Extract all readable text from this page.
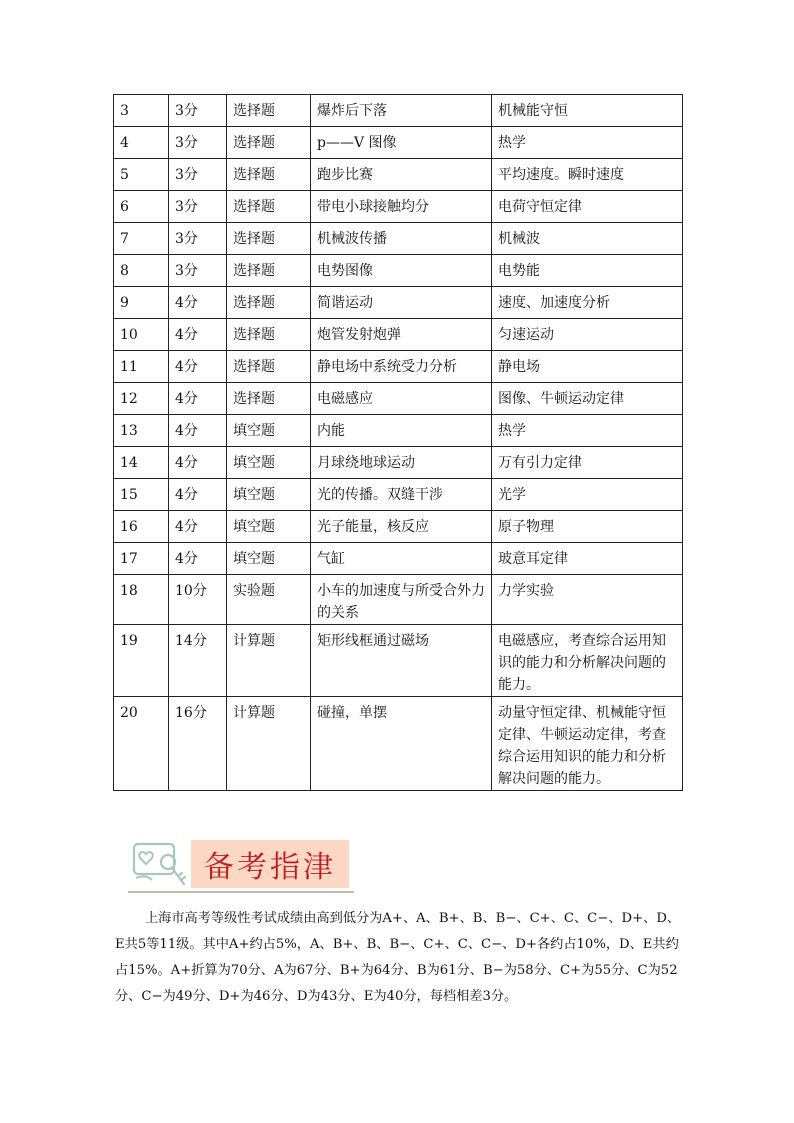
3	3分	选择题	爆炸后下落	机械能守恒
4	3分	选择题	p——V 图像	热学
5	3分	选择题	跑步比赛	平均速度。瞬时速度
6	3分	选择题	带电小球接触均分	电荷守恒定律
7	3分	选择题	机械波传播	机械波
8	3分	选择题	电势图像	电势能
9	4分	选择题	简谐运动	速度、加速度分析
10	4分	选择题	炮管发射炮弹	匀速运动
11	4分	选择题	静电场中系统受力分析	静电场
12	4分	选择题	电磁感应	图像、牛顿运动定律
13	4分	填空题	内能	热学
14	4分	填空题	月球绕地球运动	万有引力定律
15	4分	填空题	光的传播。双缝干涉	光学
16	4分	填空题	光子能量，核反应	原子物理
17	4分	填空题	气缸	玻意耳定律
18	10分	实验题	小车的加速度与所受合外力的关系	力学实验
19	14分	计算题	矩形线框通过磁场	电磁感应，考查综合运用知识的能力和分析解决问题的能力。
20	16分	计算题	碰撞，单摆	动量守恒定律、机械能守恒定律、牛顿运动定律，考查综合运用知识的能力和分析解决问题的能力。
备考指津

上海市高考等级性考试成绩由高到低分为A+、A、B+、B、B−、C+、C、C−、D+、D、E共5等11级。其中A+约占5%，A、B+、B、B−、C+、C、C−、D+各约占10%，D、E共约占15%。A+折算为70分、A为67分、B+为64分、B为61分、B−为58分、C+为55分、C为52分、C−为49分、D+为46分、D为43分、E为40分，每档相差3分。
